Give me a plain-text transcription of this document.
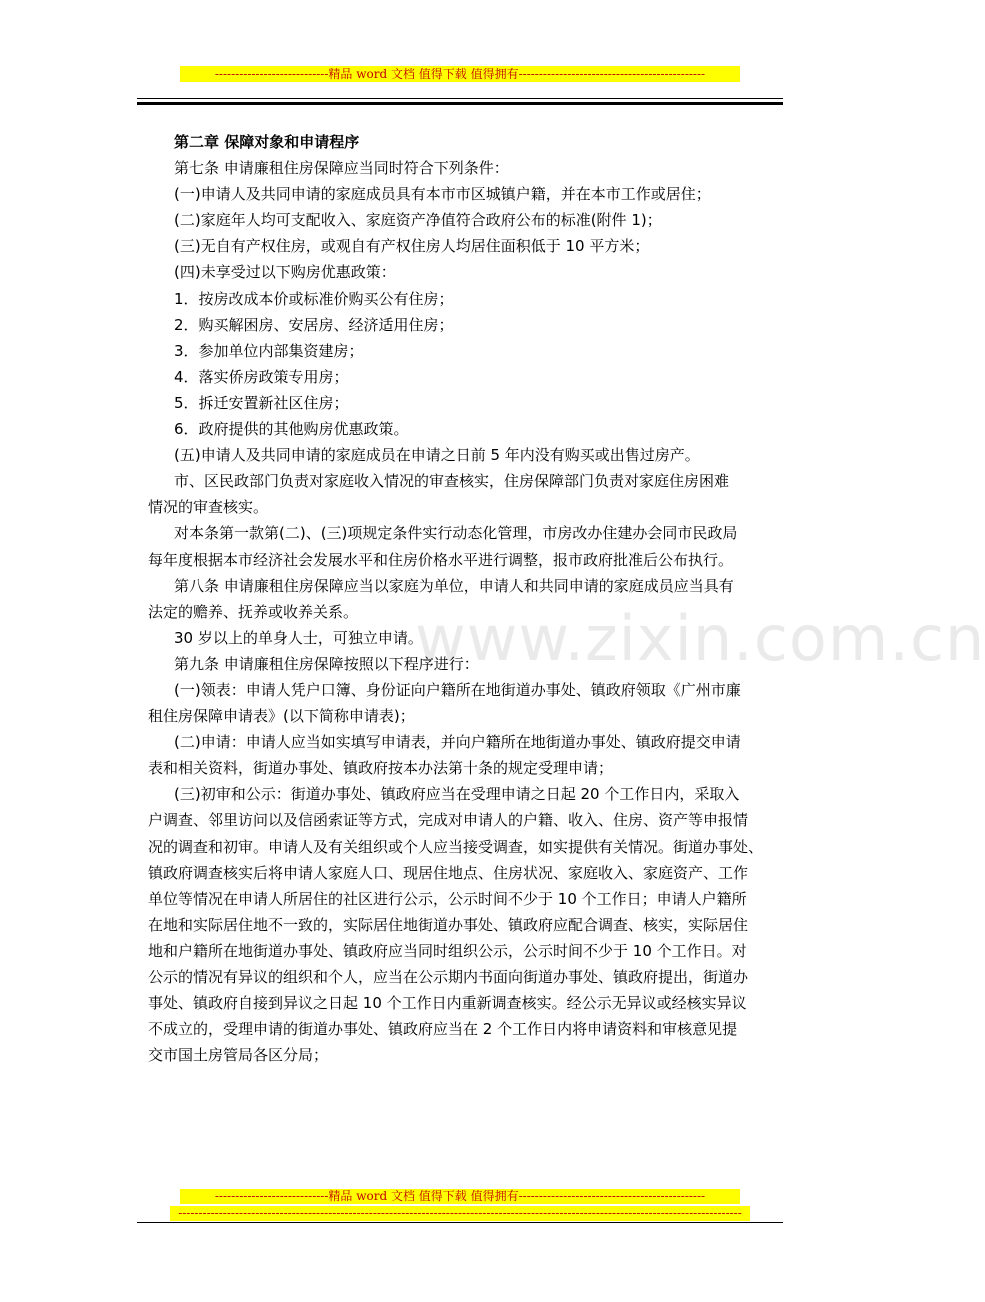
----------------------------精品 word 文档 值得下载 值得拥有----------------------------------------------
www.zixin.com.cn
第二章 保障对象和申请程序
第七条 申请廉租住房保障应当同时符合下列条件：
(一)申请人及共同申请的家庭成员具有本市市区城镇户籍，并在本市工作或居住；
(二)家庭年人均可支配收入、家庭资产净值符合政府公布的标准(附件 1)；
(三)无自有产权住房，或观自有产权住房人均居住面积低于 10 平方米；
(四)未享受过以下购房优惠政策：
1．按房改成本价或标准价购买公有住房；
2．购买解困房、安居房、经济适用住房；
3．参加单位内部集资建房；
4．落实侨房政策专用房；
5．拆迁安置新社区住房；
6．政府提供的其他购房优惠政策。
(五)申请人及共同申请的家庭成员在申请之日前 5 年内没有购买或出售过房产。
市、区民政部门负责对家庭收入情况的审查核实，住房保障部门负责对家庭住房困难
情况的审查核实。
对本条第一款第(二)、(三)项规定条件实行动态化管理，市房改办住建办会同市民政局
每年度根据本市经济社会发展水平和住房价格水平进行调整，报市政府批准后公布执行。
第八条 申请廉租住房保障应当以家庭为单位，申请人和共同申请的家庭成员应当具有
法定的赡养、抚养或收养关系。
30 岁以上的单身人士，可独立申请。
第九条 申请廉租住房保障按照以下程序进行：
(一)领表：申请人凭户口簿、身份证向户籍所在地街道办事处、镇政府领取《广州市廉
租住房保障申请表》(以下简称申请表)；
(二)申请：申请人应当如实填写申请表，并向户籍所在地街道办事处、镇政府提交申请
表和相关资料，街道办事处、镇政府按本办法第十条的规定受理申请；
(三)初审和公示：街道办事处、镇政府应当在受理申请之日起 20 个工作日内，采取入
户调查、邻里访问以及信函索证等方式，完成对申请人的户籍、收入、住房、资产等申报情
况的调查和初审。申请人及有关组织或个人应当接受调查，如实提供有关情况。街道办事处、
镇政府调查核实后将申请人家庭人口、现居住地点、住房状况、家庭收入、家庭资产、工作
单位等情况在申请人所居住的社区进行公示，公示时间不少于 10 个工作日；申请人户籍所
在地和实际居住地不一致的，实际居住地街道办事处、镇政府应配合调查、核实，实际居住
地和户籍所在地街道办事处、镇政府应当同时组织公示，公示时间不少于 10 个工作日。对
公示的情况有异议的组织和个人，应当在公示期内书面向街道办事处、镇政府提出，街道办
事处、镇政府自接到异议之日起 10 个工作日内重新调查核实。经公示无异议或经核实异议
不成立的，受理申请的街道办事处、镇政府应当在 2 个工作日内将申请资料和审核意见提
交市国土房管局各区分局；
----------------------------精品 word 文档 值得下载 值得拥有----------------------------------------------
-------------------------------------------------------------------------------------------------------------------------------------------
